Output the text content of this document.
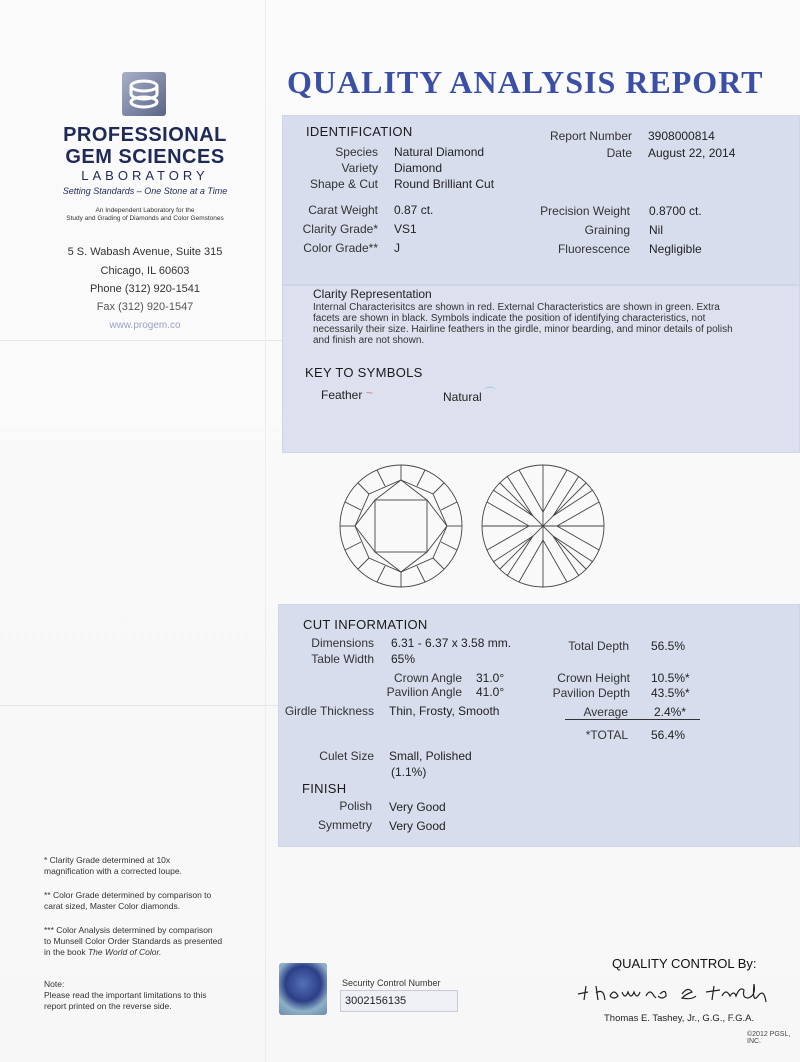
PROFESSIONAL
GEM SCIENCES
LABORATORY
Setting Standards – One Stone at a Time
An Independent Laboratory for the
Study and Grading of Diamonds and Color Gemstones
5 S. Wabash Avenue, Suite 315
Chicago, IL 60603
Phone (312) 920-1541
Fax (312) 920-1547
www.progem.co
QUALITY ANALYSIS REPORT
IDENTIFICATION
Species Natural Diamond
Variety Diamond
Shape & Cut Round Brilliant Cut
Report Number 3908000814
Date August 22, 2014
Carat Weight 0.87 ct.
Clarity Grade* VS1
Color Grade** J
Precision Weight 0.8700 ct.
Graining Nil
Fluorescence Negligible
Clarity Representation
Internal Characterisitcs are shown in red. External Characteristics are shown in green. Extra
facets are shown in black. Symbols indicate the position of identifying characteristics, not
necessarily their size. Hairline feathers in the girdle, minor bearding, and minor details of polish
and finish are not shown.
KEY TO SYMBOLS
Feather ~	Natural ⌒
CUT INFORMATION
Dimensions 6.31 - 6.37 x 3.58 mm.
Table Width 65%
Crown Angle 31.0°
Pavilion Angle 41.0°
Girdle Thickness Thin, Frosty, Smooth
Total Depth 56.5%
Crown Height 10.5%*
Pavilion Depth 43.5%*
Average 2.4%*
*TOTAL 56.4%
Culet Size Small, Polished
(1.1%)
FINISH
Polish Very Good
Symmetry Very Good
* Clarity Grade determined at 10x
magnification with a corrected loupe.
** Color Grade determined by comparison to
carat sized, Master Color diamonds.
*** Color Analysis determined by comparison
to Munsell Color Order Standards as presented
in the book The World of Color.
Note:
Please read the important limitations to this
report printed on the reverse side.
Security Control Number
3002156135
QUALITY CONTROL By:
Thomas E. Tashey, Jr., G.G., F.G.A.
©2012 PGSL, INC.
